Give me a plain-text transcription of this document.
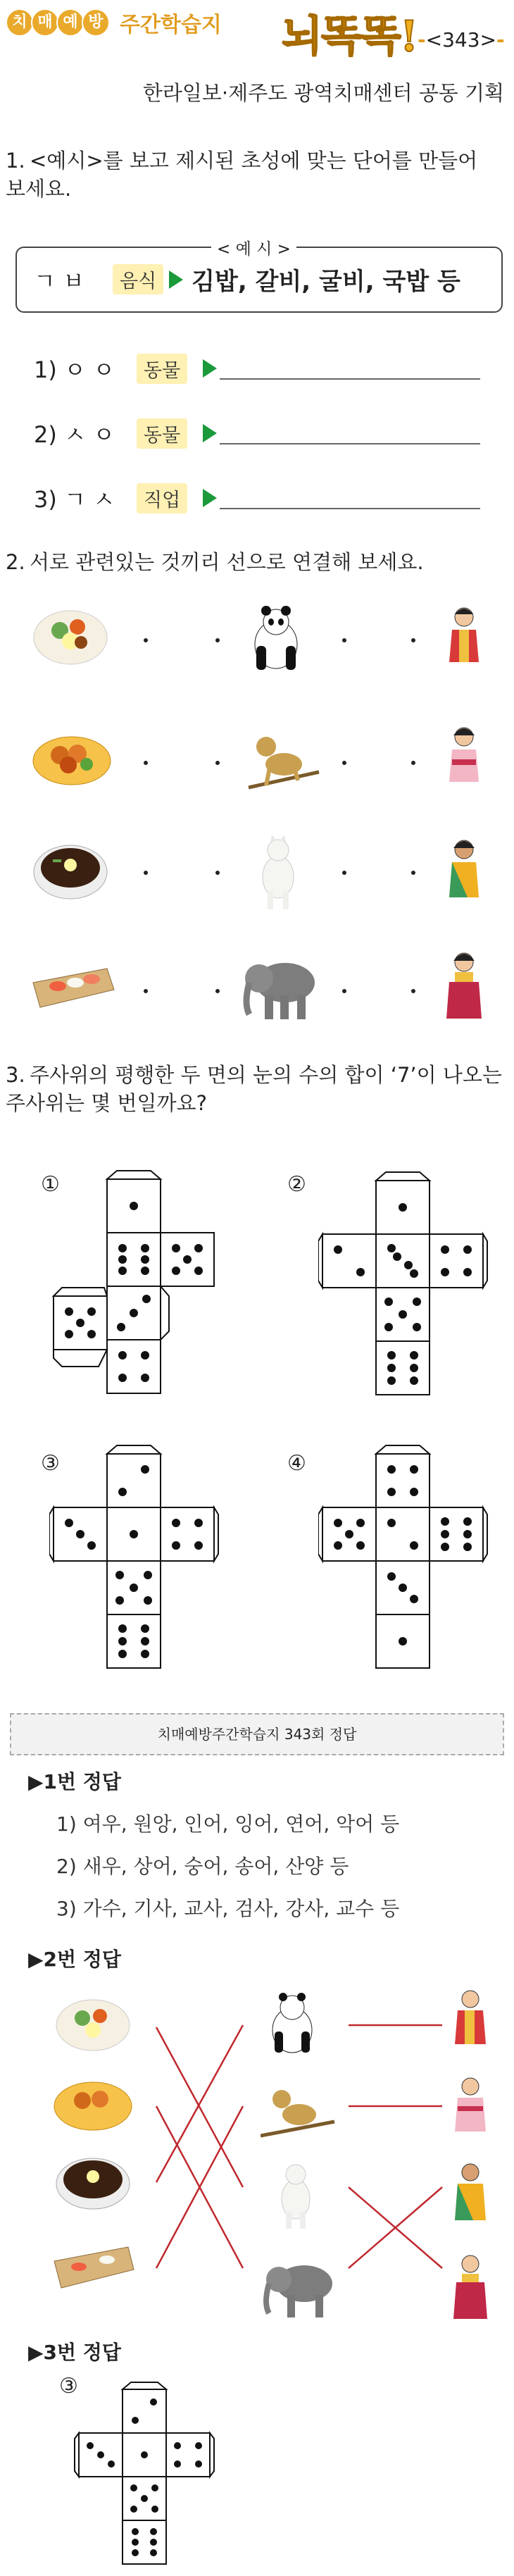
치 매 예 방 주간학습지 뇌똑똑! -<343>-
한라일보·제주도 광역치매센터 공동 기획
1. <예시>를 보고 제시된 초성에 맞는 단어를 만들어 보세요.
< 예 시 >
ㄱ ㅂ	음식 김밥, 갈비, 굴비, 국밥 등
1) ㅇ ㅇ	동물
2) ㅅ ㅇ	동물
3) ㄱ ㅅ	직업
2. 서로 관련있는 것끼리 선으로 연결해 보세요.
3. 주사위의 평행한 두 면의 눈의 수의 합이 ‘7’이 나오는 주사위는 몇 번일까요?
①	②
③	④
치매예방주간학습지 343회 정답
▶1번 정답
1) 여우, 원앙, 인어, 잉어, 연어, 악어 등
2) 새우, 상어, 숭어, 송어, 산양 등
3) 가수, 기사, 교사, 검사, 강사, 교수 등
▶2번 정답
▶3번 정답
③
